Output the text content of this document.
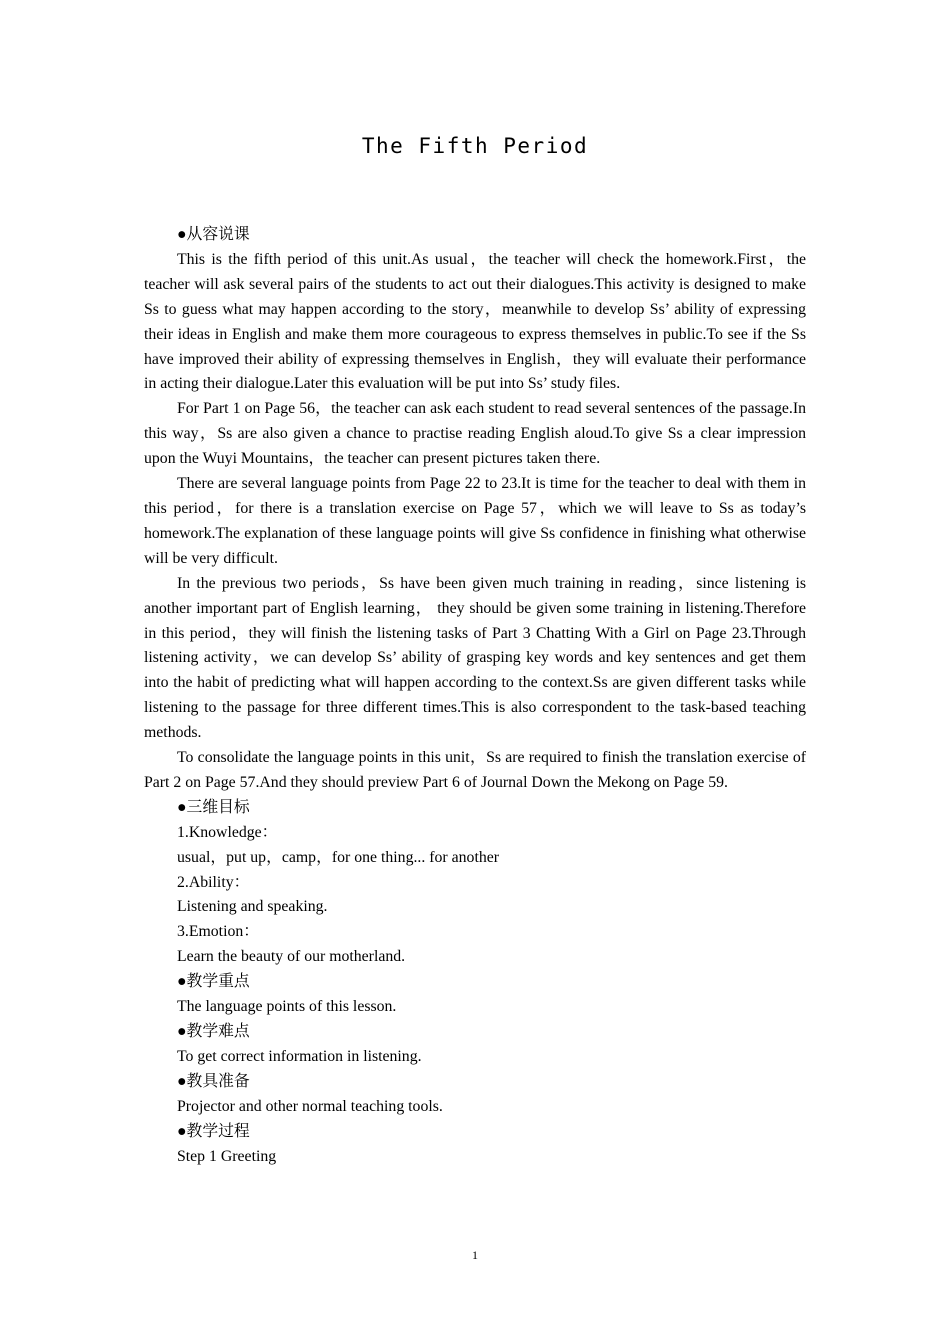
The Fifth Period

●从容说课

This is the fifth period of this unit.As usual，the teacher will check the homework.First，the teacher will ask several pairs of the students to act out their dialogues.This activity is designed to make Ss to guess what may happen according to the story，meanwhile to develop Ss’ ability of expressing their ideas in English and make them more courageous to express themselves in public.To see if the Ss have improved their ability of expressing themselves in English，they will evaluate their performance in acting their dialogue.Later this evaluation will be put into Ss’ study files.

For Part 1 on Page 56，the teacher can ask each student to read several sentences of the passage.In this way，Ss are also given a chance to practise reading English aloud.To give Ss a clear impression upon the Wuyi Mountains，the teacher can present pictures taken there.

There are several language points from Page 22 to 23.It is time for the teacher to deal with them in this period，for there is a translation exercise on Page 57，which we will leave to Ss as today’s homework.The explanation of these language points will give Ss confidence in finishing what otherwise will be very difficult.

In the previous two periods，Ss have been given much training in reading，since listening is another important part of English learning， they should be given some training in listening.Therefore in this period，they will finish the listening tasks of Part 3 Chatting With a Girl on Page 23.Through listening activity，we can develop Ss’ ability of grasping key words and key sentences and get them into the habit of predicting what will happen according to the context.Ss are given different tasks while listening to the passage for three different times.This is also correspondent to the task-based teaching methods.

To consolidate the language points in this unit，Ss are required to finish the translation exercise of Part 2 on Page 57.And they should preview Part 6 of Journal Down the Mekong on Page 59.

●三维目标

1.Knowledge：

usual，put up，camp，for one thing... for another

2.Ability：

Listening and speaking.

3.Emotion：

Learn the beauty of our motherland.

●教学重点

The language points of this lesson.

●教学难点

To get correct information in listening.

●教具准备

Projector and other normal teaching tools.

●教学过程

Step 1 Greeting

1
